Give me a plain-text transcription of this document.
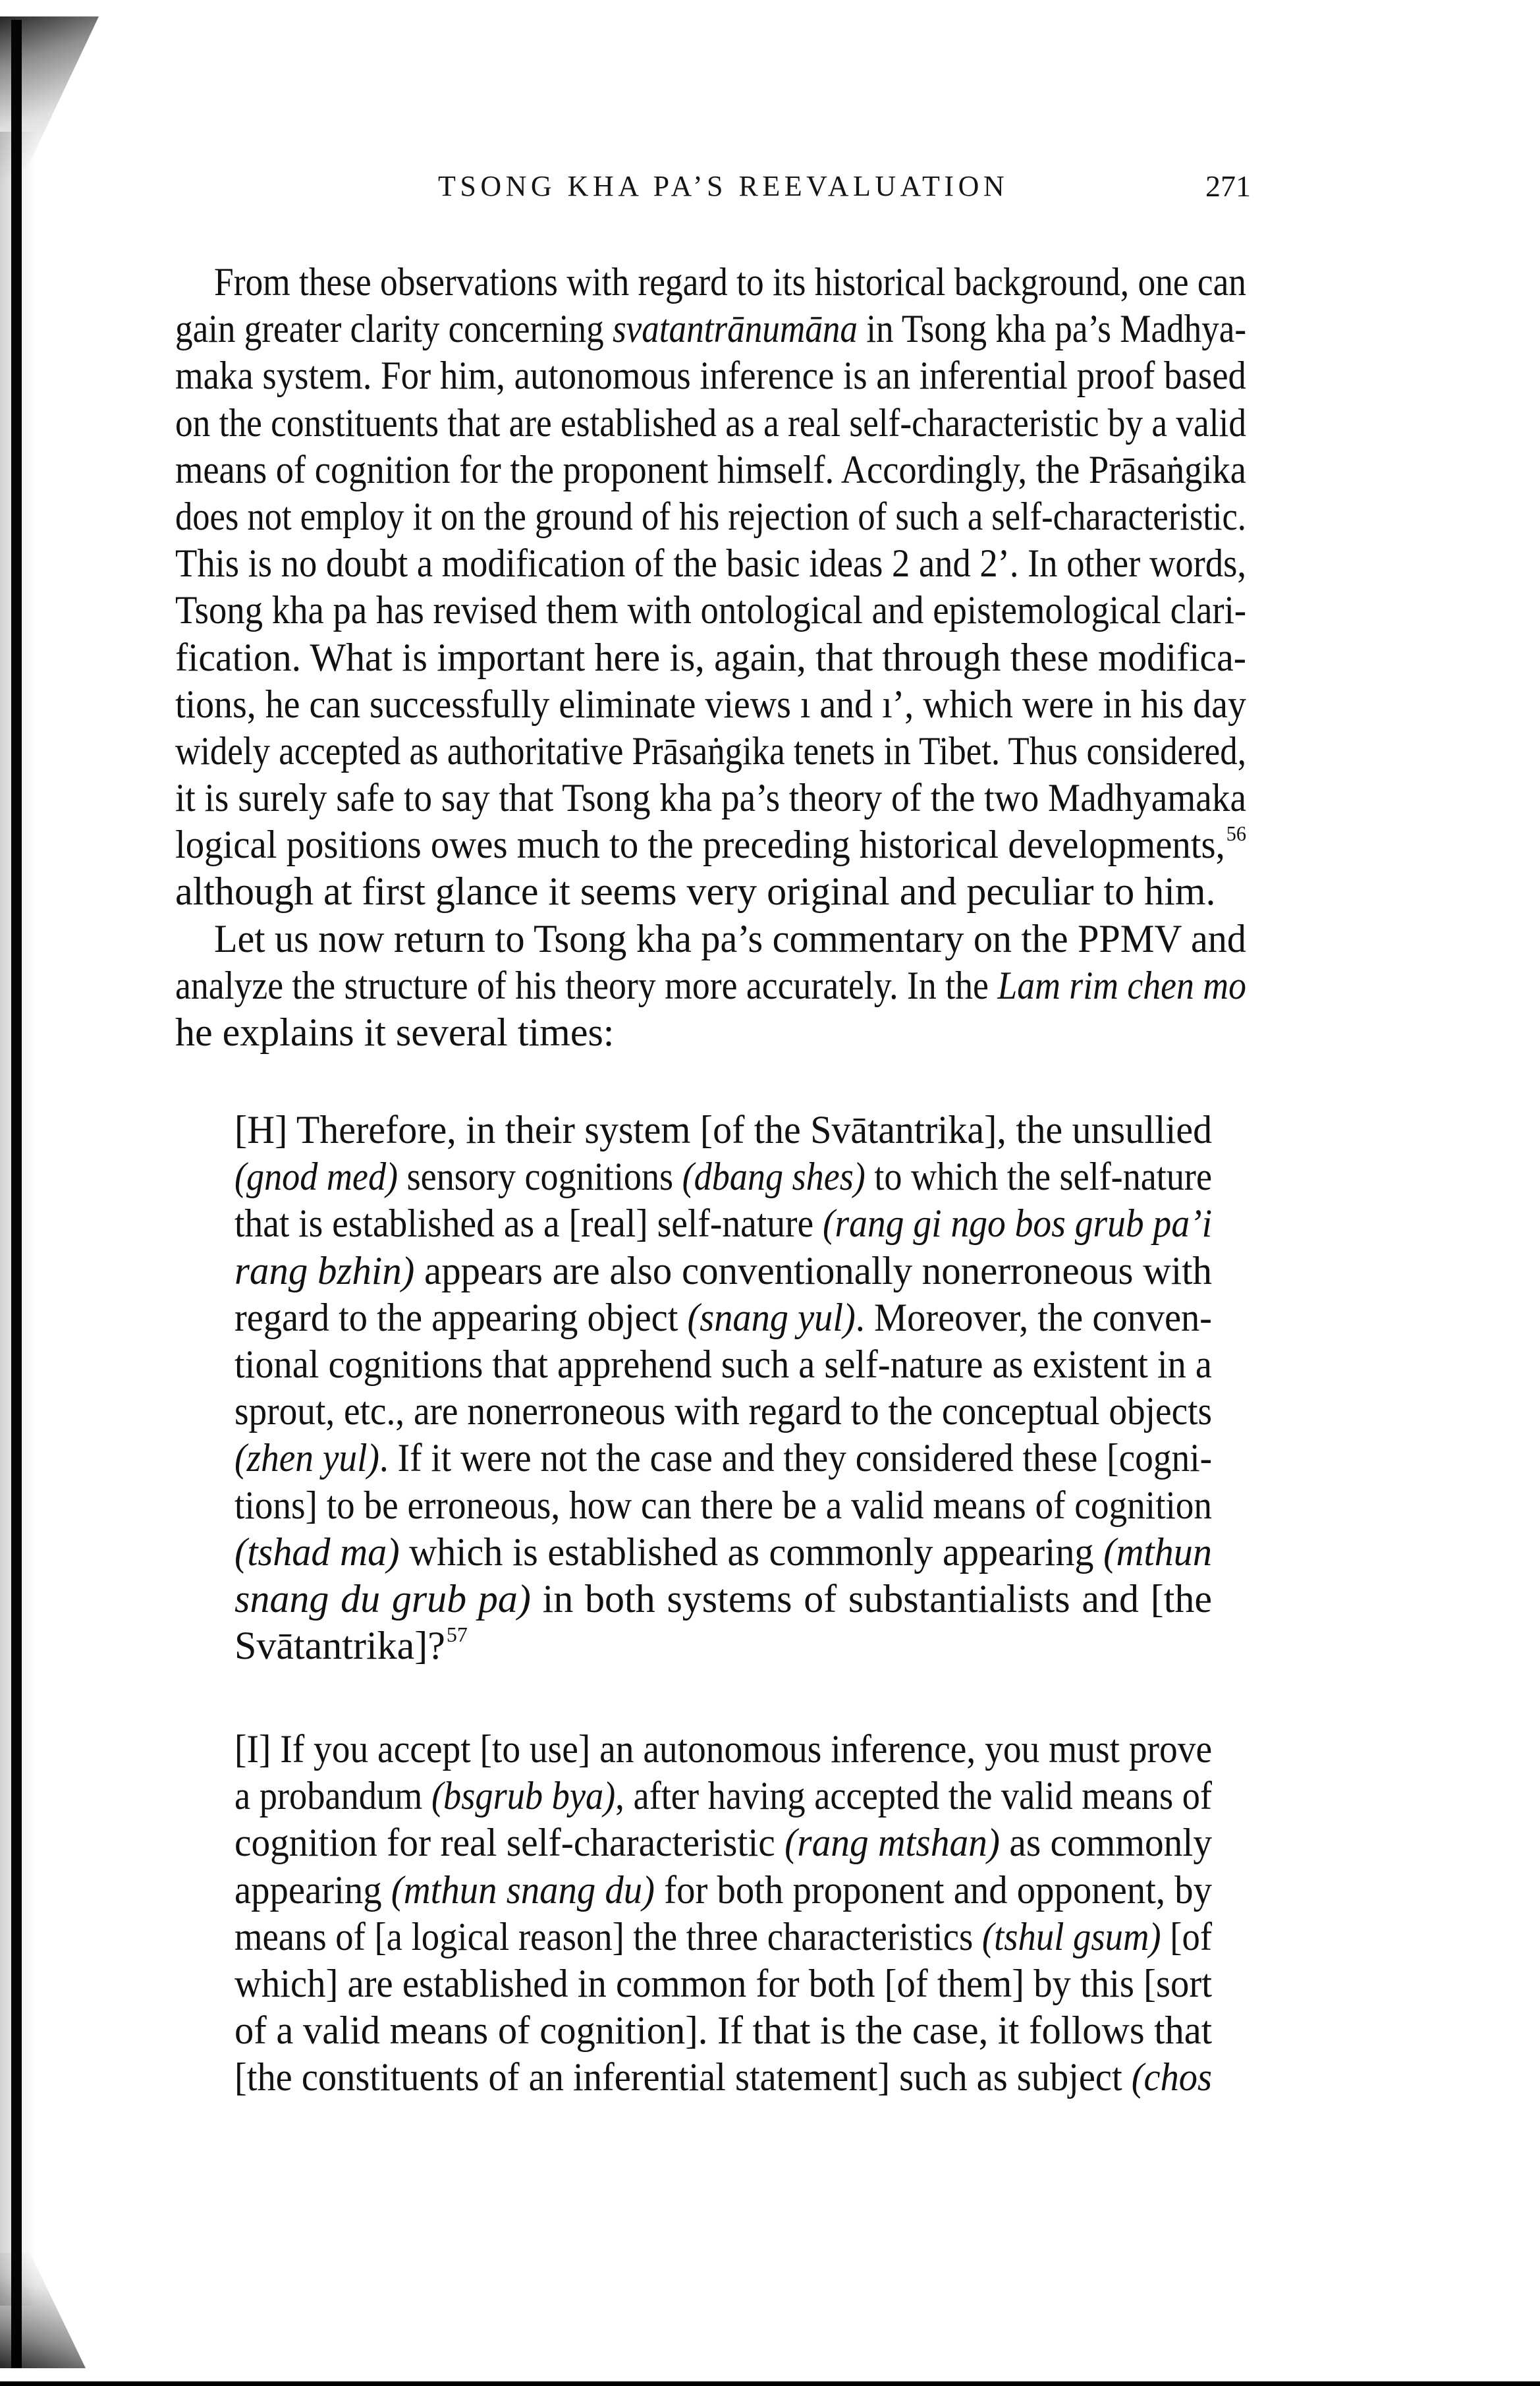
TSONG KHA PA’S REEVALUATION	271
From these observations with regard to its historical background, one can
gain greater clarity concerning svatantrānumāna in Tsong kha pa’s Madhya-
maka system. For him, autonomous inference is an inferential proof based
on the constituents that are established as a real self-characteristic by a valid
means of cognition for the proponent himself. Accordingly, the Prāsaṅgika
does not employ it on the ground of his rejection of such a self-characteristic.
This is no doubt a modification of the basic ideas 2 and 2’. In other words,
Tsong kha pa has revised them with ontological and epistemological clari-
fication. What is important here is, again, that through these modifica-
tions, he can successfully eliminate views ı and ı’, which were in his day
widely accepted as authoritative Prāsaṅgika tenets in Tibet. Thus considered,
it is surely safe to say that Tsong kha pa’s theory of the two Madhyamaka
logical positions owes much to the preceding historical developments,$^{56}$
although at first glance it seems very original and peculiar to him.
Let us now return to Tsong kha pa’s commentary on the PPMV and
analyze the structure of his theory more accurately. In the Lam rim chen mo
he explains it several times:
[H] Therefore, in their system [of the Svātantrika], the unsullied
(gnod med) sensory cognitions (dbang shes) to which the self-nature
that is established as a [real] self-nature (rang gi ngo bos grub pa’i
rang bzhin) appears are also conventionally nonerroneous with
regard to the appearing object (snang yul). Moreover, the conven-
tional cognitions that apprehend such a self-nature as existent in a
sprout, etc., are nonerroneous with regard to the conceptual objects
(zhen yul). If it were not the case and they considered these [cogni-
tions] to be erroneous, how can there be a valid means of cognition
(tshad ma) which is established as commonly appearing (mthun
snang du grub pa) in both systems of substantialists and [the
Svātantrika]?$^{57}$
[I] If you accept [to use] an autonomous inference, you must prove
a probandum (bsgrub bya), after having accepted the valid means of
cognition for real self-characteristic (rang mtshan) as commonly
appearing (mthun snang du) for both proponent and opponent, by
means of [a logical reason] the three characteristics (tshul gsum) [of
which] are established in common for both [of them] by this [sort
of a valid means of cognition]. If that is the case, it follows that
[the constituents of an inferential statement] such as subject (chos
